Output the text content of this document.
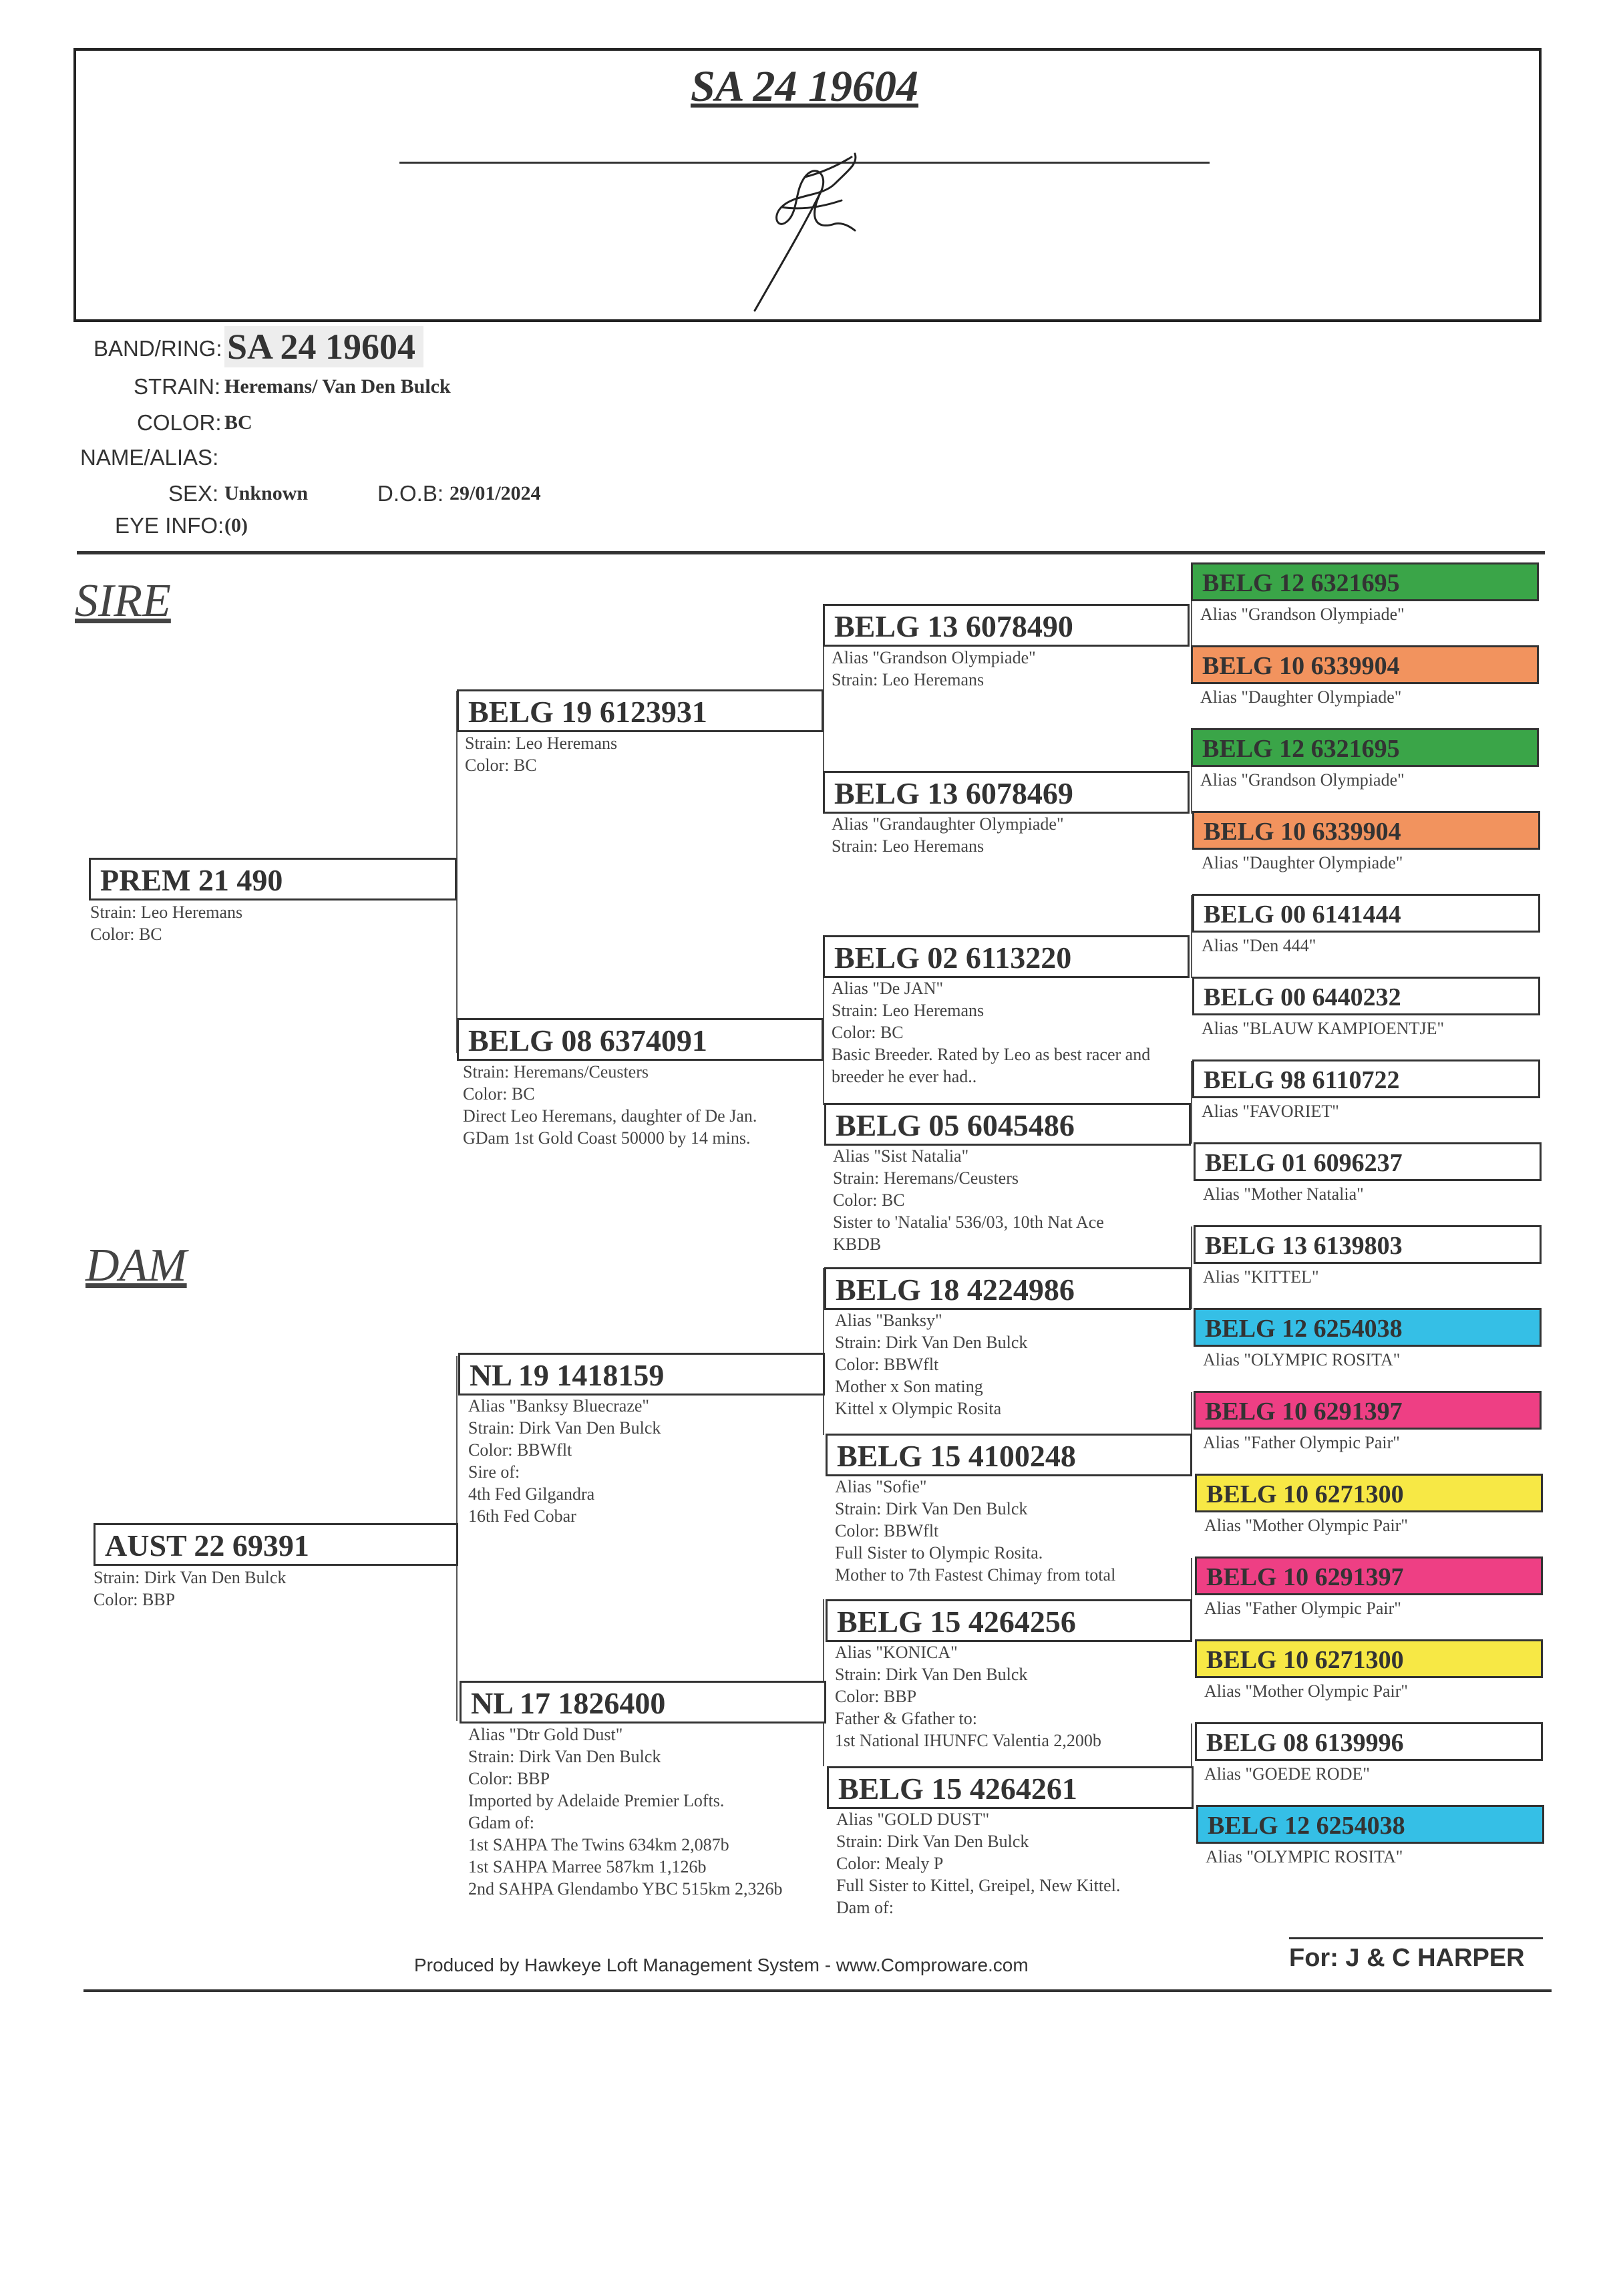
SA 24 19604
BAND/RING: SA 24 19604
STRAIN: Heremans/ Van Den Bulck
COLOR: BC
NAME/ALIAS:
SEX: Unknown	D.O.B: 29/01/2024
EYE INFO: (0)
SIRE
DAM
PREM 21 490
Strain: Leo Heremans
Color: BC
AUST 22 69391
Strain: Dirk Van Den Bulck
Color: BBP
BELG 19 6123931
Strain: Leo Heremans
Color: BC
BELG 08 6374091
Strain: Heremans/Ceusters
Color: BC
Direct Leo Heremans, daughter of De Jan.
GDam 1st Gold Coast 50000 by 14 mins.
NL 19 1418159
Alias "Banksy Bluecraze"
Strain: Dirk Van Den Bulck
Color: BBWflt
Sire of:
4th Fed Gilgandra
16th Fed Cobar
NL 17 1826400
Alias "Dtr Gold Dust"
Strain: Dirk Van Den Bulck
Color: BBP
Imported by Adelaide Premier Lofts.
Gdam of:
1st SAHPA The Twins 634km 2,087b
1st SAHPA Marree 587km 1,126b
2nd SAHPA Glendambo YBC 515km 2,326b
BELG 13 6078490
Alias "Grandson Olympiade"
Strain: Leo Heremans
BELG 13 6078469
Alias "Grandaughter Olympiade"
Strain: Leo Heremans
BELG 02 6113220
Alias "De JAN"
Strain: Leo Heremans
Color: BC
Basic Breeder. Rated by Leo as best racer and
breeder he ever had..
BELG 05 6045486
Alias "Sist Natalia"
Strain: Heremans/Ceusters
Color: BC
Sister to 'Natalia' 536/03, 10th Nat Ace
KBDB
BELG 18 4224986
Alias "Banksy"
Strain: Dirk Van Den Bulck
Color: BBWflt
Mother x Son mating
Kittel x Olympic Rosita
BELG 15 4100248
Alias "Sofie"
Strain: Dirk Van Den Bulck
Color: BBWflt
Full Sister to Olympic Rosita.
Mother to 7th Fastest Chimay from total
BELG 15 4264256
Alias "KONICA"
Strain: Dirk Van Den Bulck
Color: BBP
Father & Gfather to:
1st National IHUNFC Valentia 2,200b
BELG 15 4264261
Alias "GOLD DUST"
Strain: Dirk Van Den Bulck
Color: Mealy P
Full Sister to Kittel, Greipel, New Kittel.
Dam of:
BELG 12 6321695
Alias "Grandson Olympiade"
BELG 10 6339904
Alias "Daughter Olympiade"
BELG 12 6321695
Alias "Grandson Olympiade"
BELG 10 6339904
Alias "Daughter Olympiade"
BELG 00 6141444
Alias "Den 444"
BELG 00 6440232
Alias "BLAUW KAMPIOENTJE"
BELG 98 6110722
Alias "FAVORIET"
BELG 01 6096237
Alias "Mother Natalia"
BELG 13 6139803
Alias "KITTEL"
BELG 12 6254038
Alias "OLYMPIC ROSITA"
BELG 10 6291397
Alias "Father Olympic Pair"
BELG 10 6271300
Alias "Mother Olympic Pair"
BELG 10 6291397
Alias "Father Olympic Pair"
BELG 10 6271300
Alias "Mother Olympic Pair"
BELG 08 6139996
Alias "GOEDE RODE"
BELG 12 6254038
Alias "OLYMPIC ROSITA"
Produced by Hawkeye Loft Management System - www.Comproware.com	For: J & C HARPER
